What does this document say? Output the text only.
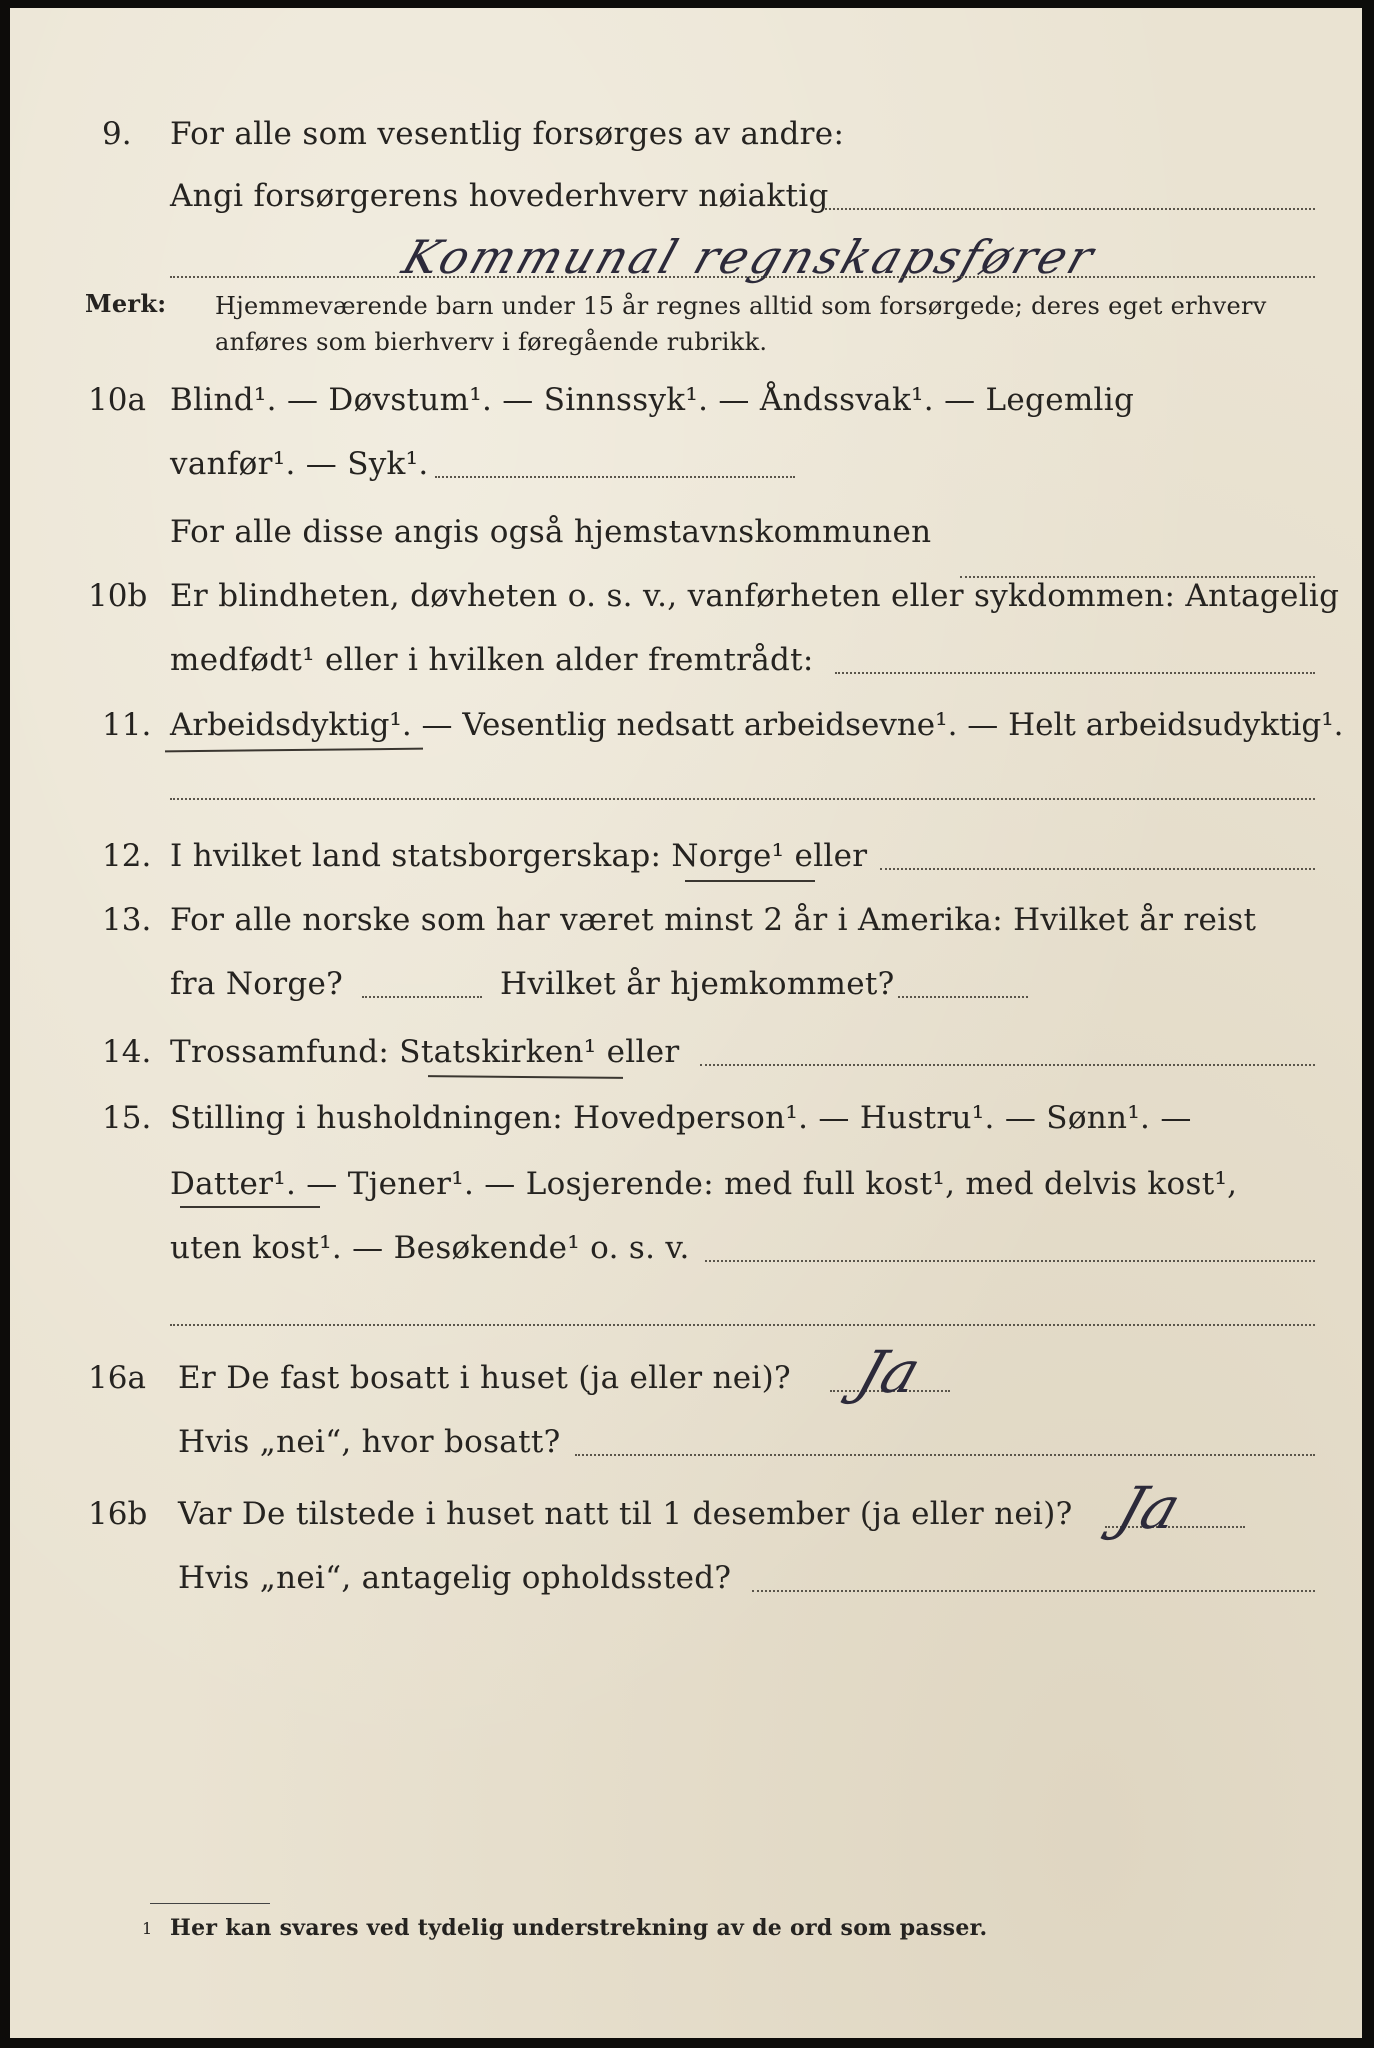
9. For alle som vesentlig forsørges av andre:
Angi forsørgerens hovederhverv nøiaktig
Kommunal regnskapsfører
Merk: Hjemmeværende barn under 15 år regnes alltid som forsørgede; deres eget erhverv
anføres som bierhverv i føregående rubrikk.
10a Blind¹. — Døvstum¹. — Sinnssyk¹. — Åndssvak¹. — Legemlig
vanfør¹. — Syk¹.
For alle disse angis også hjemstavnskommunen
10b Er blindheten, døvheten o. s. v., vanførheten eller sykdommen: Antagelig
medfødt¹ eller i hvilken alder fremtrådt:
11. Arbeidsdyktig¹. — Vesentlig nedsatt arbeidsevne¹. — Helt arbeidsudyktig¹.
12. I hvilket land statsborgerskap: Norge¹ eller
13. For alle norske som har været minst 2 år i Amerika: Hvilket år reist
fra Norge?	Hvilket år hjemkommet?
14. Trossamfund: Statskirken¹ eller
15. Stilling i husholdningen: Hovedperson¹. — Hustru¹. — Sønn¹. —
Datter¹. — Tjener¹. — Losjerende: med full kost¹, med delvis kost¹,
uten kost¹. — Besøkende¹ o. s. v.
16a Er De fast bosatt i huset (ja eller nei)? Ja
Hvis „nei“, hvor bosatt?
16b Var De tilstede i huset natt til 1 desember (ja eller nei)? Ja
Hvis „nei“, antagelig opholdssted?
1 Her kan svares ved tydelig understrekning av de ord som passer.
